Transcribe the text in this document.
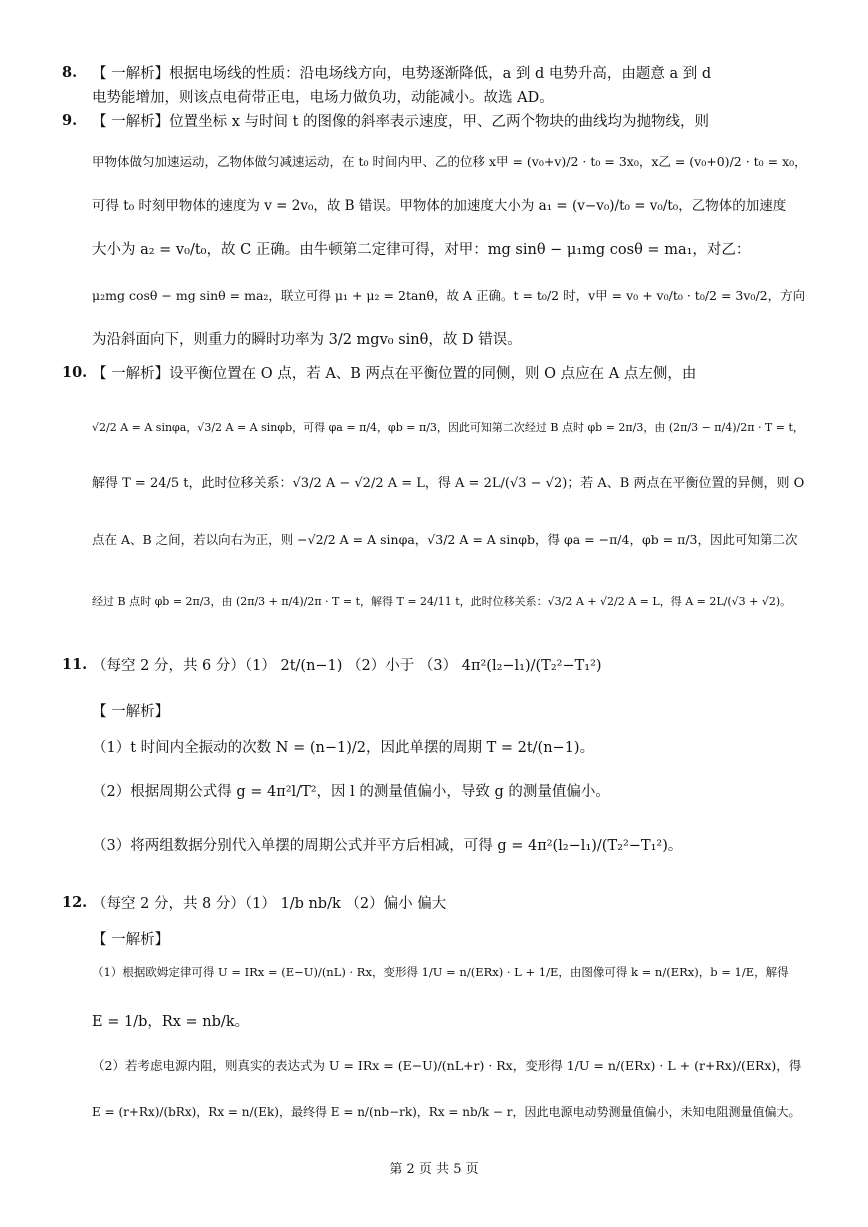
8. 【 一解析】根据电场线的性质：沿电场线方向，电势逐渐降低，a 到 d 电势升高，由题意 a 到 d
电势能增加，则该点电荷带正电，电场力做负功，动能减小。故选 AD。
9. 【 一解析】位置坐标 x 与时间 t 的图像的斜率表示速度，甲、乙两个物块的曲线均为抛物线，则
甲物体做匀加速运动，乙物体做匀减速运动，在 t₀ 时间内甲、乙的位移 x甲 = (v₀+v)/2 · t₀ = 3x₀，x乙 = (v₀+0)/2 · t₀ = x₀，
可得 t₀ 时刻甲物体的速度为 v = 2v₀，故 B 错误。甲物体的加速度大小为 a₁ = (v−v₀)/t₀ = v₀/t₀，乙物体的加速度
大小为 a₂ = v₀/t₀，故 C 正确。由牛顿第二定律可得，对甲：mg sinθ − μ₁mg cosθ = ma₁，对乙：
μ₂mg cosθ − mg sinθ = ma₂，联立可得 μ₁ + μ₂ = 2tanθ，故 A 正确。t = t₀/2 时，v甲 = v₀ + v₀/t₀ · t₀/2 = 3v₀/2，方向
为沿斜面向下，则重力的瞬时功率为 3/2 mgv₀ sinθ，故 D 错误。
10. 【 一解析】设平衡位置在 O 点，若 A、B 两点在平衡位置的同侧，则 O 点应在 A 点左侧，由
√2/2 A = A sinφa，√3/2 A = A sinφb，可得 φa = π/4，φb = π/3，因此可知第二次经过 B 点时 φb = 2π/3，由 (2π/3 − π/4)/2π · T = t，
解得 T = 24/5 t，此时位移关系：√3/2 A − √2/2 A = L，得 A = 2L/(√3 − √2)；若 A、B 两点在平衡位置的异侧，则 O
点在 A、B 之间，若以向右为正，则 −√2/2 A = A sinφa，√3/2 A = A sinφb，得 φa = −π/4，φb = π/3，因此可知第二次
经过 B 点时 φb = 2π/3，由 (2π/3 + π/4)/2π · T = t，解得 T = 24/11 t，此时位移关系：√3/2 A + √2/2 A = L，得 A = 2L/(√3 + √2)。
11. （每空 2 分，共 6 分）（1） 2t/(n−1) （2）小于 （3） 4π²(l₂−l₁)/(T₂²−T₁²)
【 一解析】
（1）t 时间内全振动的次数 N = (n−1)/2，因此单摆的周期 T = 2t/(n−1)。
（2）根据周期公式得 g = 4π²l/T²，因 l 的测量值偏小，导致 g 的测量值偏小。
（3）将两组数据分别代入单摆的周期公式并平方后相减，可得 g = 4π²(l₂−l₁)/(T₂²−T₁²)。
12. （每空 2 分，共 8 分）（1） 1/b nb/k （2）偏小 偏大
【 一解析】
（1）根据欧姆定律可得 U = IRx = (E−U)/(nL) · Rx，变形得 1/U = n/(ERx) · L + 1/E，由图像可得 k = n/(ERx)，b = 1/E，解得
E = 1/b，Rx = nb/k。
（2）若考虑电源内阻，则真实的表达式为 U = IRx = (E−U)/(nL+r) · Rx，变形得 1/U = n/(ERx) · L + (r+Rx)/(ERx)，得
E = (r+Rx)/(bRx)，Rx = n/(Ek)，最终得 E = n/(nb−rk)，Rx = nb/k − r，因此电源电动势测量值偏小，未知电阻测量值偏大。
第 2 页 共 5 页
